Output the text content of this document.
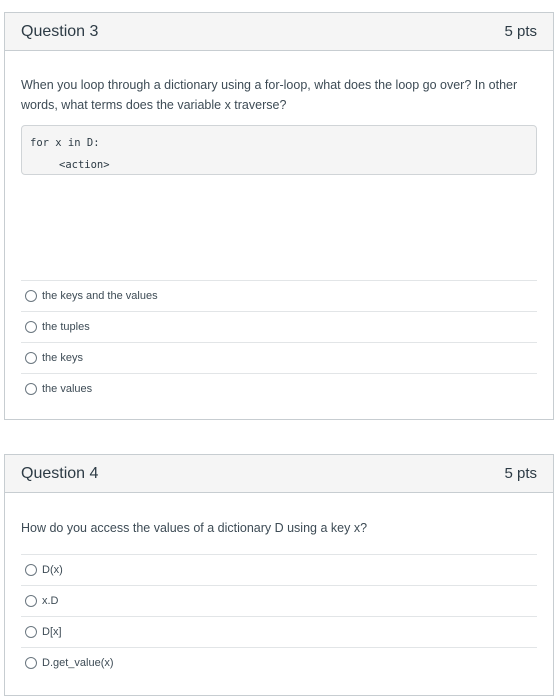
Question 3	5 pts

When you loop through a dictionary using a for-loop, what does the loop go over? In other words, what terms does the variable x traverse?

for x in D:
<action>
the keys and the values
the tuples
the keys
the values
Question 4	5 pts

How do you access the values of a dictionary D using a key x?

D(x)
x.D
D[x]
D.get_value(x)
